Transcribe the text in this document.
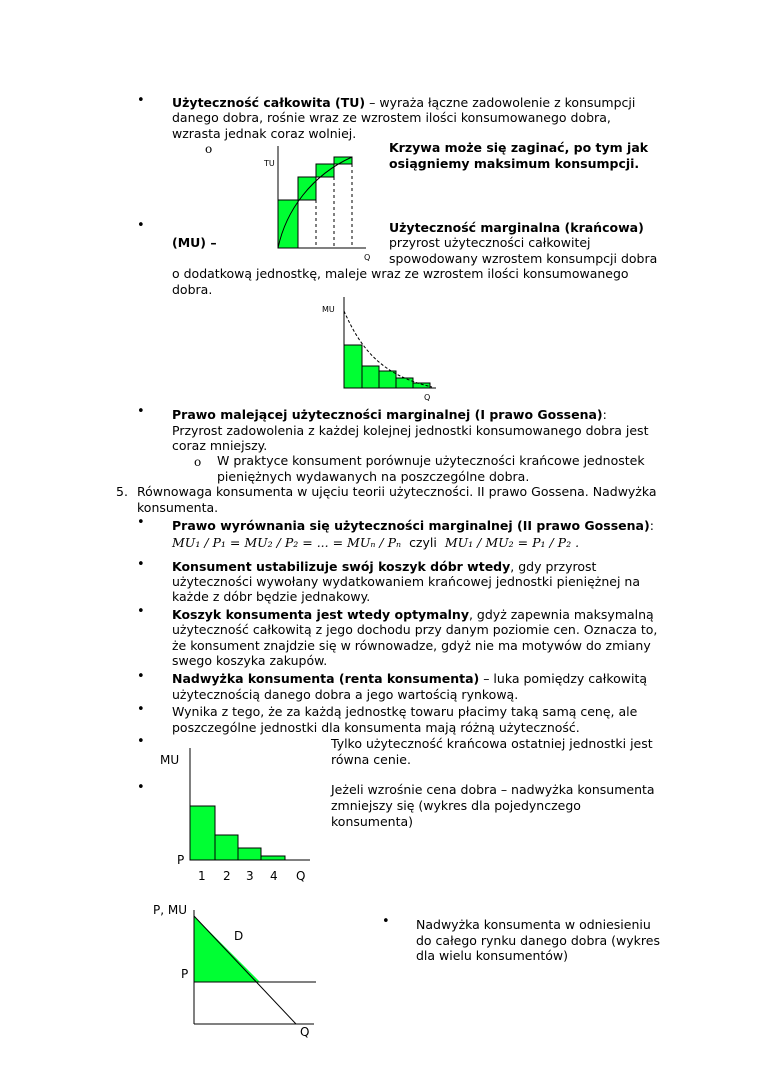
• Użyteczność całkowita (TU) – wyraża łączne zadowolenie z konsumpcji
danego dobra, rośnie wraz ze wzrostem ilości konsumowanego dobra,
wzrasta jednak coraz wolniej.
o	Krzywa może się zaginać, po tym jak
osiągniemy maksimum konsumpcji.
TU
Q
•	Użyteczność marginalna (krańcowa)
(MU) –	przyrost użyteczności całkowitej
spowodowany wzrostem konsumpcji dobra
o dodatkową jednostkę, maleje wraz ze wzrostem ilości konsumowanego
dobra.
MU
Q
• Prawo malejącej użyteczności marginalnej (I prawo Gossena):
Przyrost zadowolenia z każdej kolejnej jednostki konsumowanego dobra jest
coraz mniejszy.
o W praktyce konsument porównuje użyteczności krańcowe jednostek
pieniężnych wydawanych na poszczególne dobra.
5. Równowaga konsumenta w ujęciu teorii użyteczności. II prawo Gossena. Nadwyżka
konsumenta.
• Prawo wyrównania się użyteczności marginalnej (II prawo Gossena):
MU₁ / P₁ = MU₂ / P₂ = ... = MUₙ / Pₙ czyli MU₁ / MU₂ = P₁ / P₂ .
• Konsument ustabilizuje swój koszyk dóbr wtedy, gdy przyrost
użyteczności wywołany wydatkowaniem krańcowej jednostki pieniężnej na
każde z dóbr będzie jednakowy.
• Koszyk konsumenta jest wtedy optymalny, gdyż zapewnia maksymalną
użyteczność całkowitą z jego dochodu przy danym poziomie cen. Oznacza to,
że konsument znajdzie się w równowadze, gdyż nie ma motywów do zmiany
swego koszyka zakupów.
• Nadwyżka konsumenta (renta konsumenta) – luka pomiędzy całkowitą
użytecznością danego dobra a jego wartością rynkową.
• Wynika z tego, że za każdą jednostkę towaru płacimy taką samą cenę, ale
poszczególne jednostki dla konsumenta mają różną użyteczność.
•	Tylko użyteczność krańcowa ostatniej jednostki jest
równa cenie.
•	Jeżeli wzrośnie cena dobra – nadwyżka konsumenta
zmniejszy się (wykres dla pojedynczego
konsumenta)
MU
P
1 2 3 4 Q
P, MU
P
D
Q
• Nadwyżka konsumenta w odniesieniu
do całego rynku danego dobra (wykres
dla wielu konsumentów)
